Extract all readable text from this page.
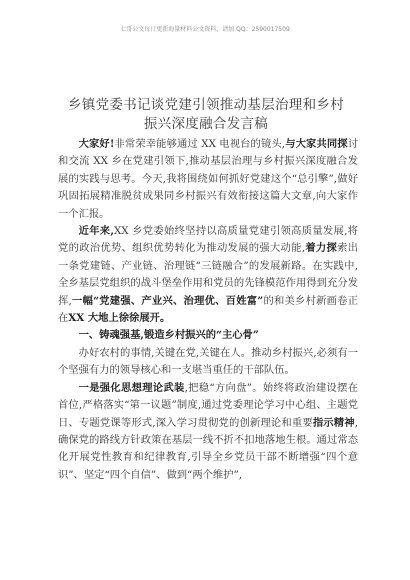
七哥公文每日更新海量材料公文资料，请加 QQ：2590017509
乡镇党委书记谈党建引领推动基层治理和乡村
振兴深度融合发言稿

大家好!非常荣幸能够通过 XX 电视台的镜头,与大家共同探讨和交流 XX 乡在党建引领下,推动基层治理与乡村振兴深度融合发展的实践与思考。今天,我将围绕如何抓好党建这个“总引擎”,做好巩固拓展精准脱贫成果同乡村振兴有效衔接这篇大文章,向大家作一个汇报。

近年来,XX 乡党委始终坚持以高质量党建引领高质量发展,将党的政治优势、组织优势转化为推动发展的强大动能,着力探索出一条党建链、产业链、治理链“三链融合”的发展新路。在实践中,全乡基层党组织的战斗堡垒作用和党员的先锋模范作用得到充分发挥,一幅“党建强、产业兴、治理优、百姓富”的和美乡村新画卷正在XX 大地上徐徐展开。

一、铸魂强基,锻造乡村振兴的“主心骨”

办好农村的事情,关键在党,关键在人。推动乡村振兴,必须有一个坚强有力的领导核心和一支堪当重任的干部队伍。

一是强化思想理论武装,把稳“方向盘”。始终将政治建设摆在首位,严格落实“第一议题”制度,通过党委理论学习中心组、主题党日、专题党课等形式,深入学习贯彻党的创新理论和重要指示精神,确保党的路线方针政策在基层一线不折不扣地落地生根。通过常态化开展党性教育和纪律教育,引导全乡党员干部不断增强“四个意识”、坚定“四个自信”、做到“两个维护”,
